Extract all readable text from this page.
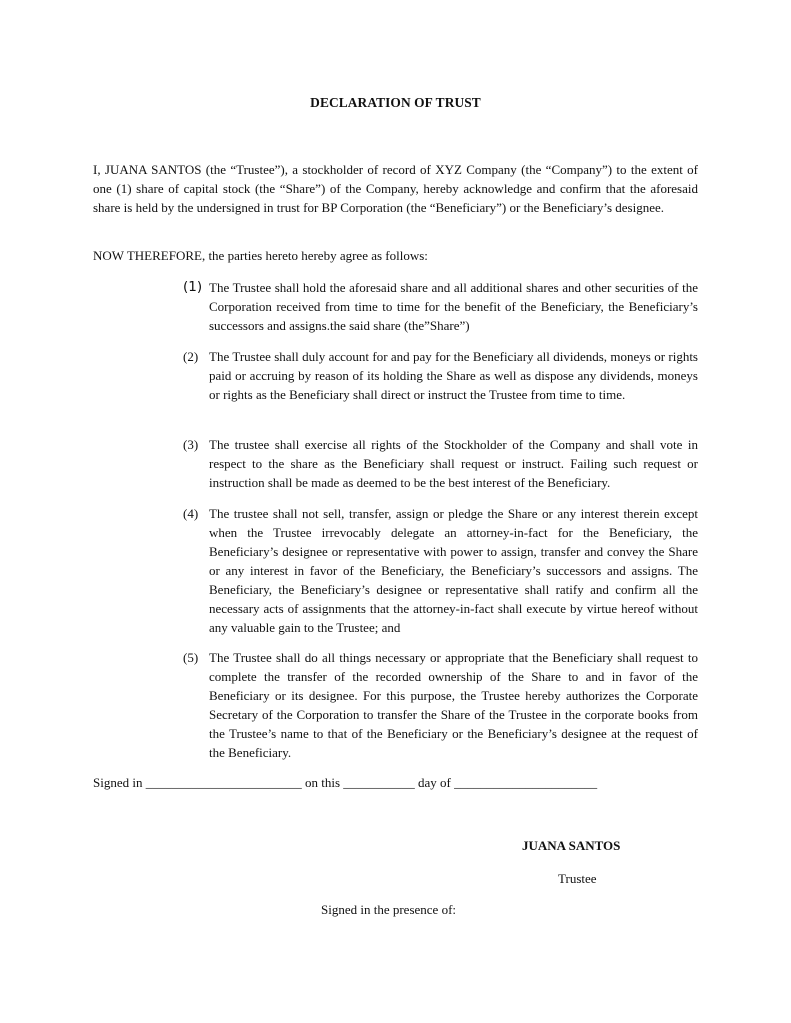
DECLARATION OF TRUST
I, JUANA SANTOS (the “Trustee”), a stockholder of record of XYZ Company (the “Company”) to the extent of one (1) share of capital stock (the “Share”) of the Company, hereby acknowledge and confirm that the aforesaid share is held by the undersigned in trust for BP Corporation (the “Beneficiary”) or the Beneficiary’s designee.
NOW THEREFORE, the parties hereto hereby agree as follows:
(1) The Trustee shall hold the aforesaid share and all additional shares and other securities of the Corporation received from time to time for the benefit of the Beneficiary, the Beneficiary’s successors and assigns.the said share (the”Share”)
(2) The Trustee shall duly account for and pay for the Beneficiary all dividends, moneys or rights paid or accruing by reason of its holding the Share as well as dispose any dividends, moneys or rights as the Beneficiary shall direct or instruct the Trustee from time to time.
(3) The trustee shall exercise all rights of the Stockholder of the Company and shall vote in respect to the share as the Beneficiary shall request or instruct. Failing such request or instruction shall be made as deemed to be the best interest of the Beneficiary.
(4) The trustee shall not sell, transfer, assign or pledge the Share or any interest therein except when the Trustee irrevocably delegate an attorney-in-fact for the Beneficiary, the Beneficiary’s designee or representative with power to assign, transfer and convey the Share or any interest in favor of the Beneficiary, the Beneficiary’s successors and assigns. The Beneficiary, the Beneficiary’s designee or representative shall ratify and confirm all the necessary acts of assignments that the attorney-in-fact shall execute by virtue hereof without any valuable gain to the Trustee; and
(5) The Trustee shall do all things necessary or appropriate that the Beneficiary shall request to complete the transfer of the recorded ownership of the Share to and in favor of the Beneficiary or its designee. For this purpose, the Trustee hereby authorizes the Corporate Secretary of the Corporation to transfer the Share of the Trustee in the corporate books from the Trustee’s name to that of the Beneficiary or the Beneficiary’s designee at the request of the Beneficiary.
Signed in ________________________ on this ___________ day of ______________________
JUANA SANTOS
Trustee
Signed in the presence of:
